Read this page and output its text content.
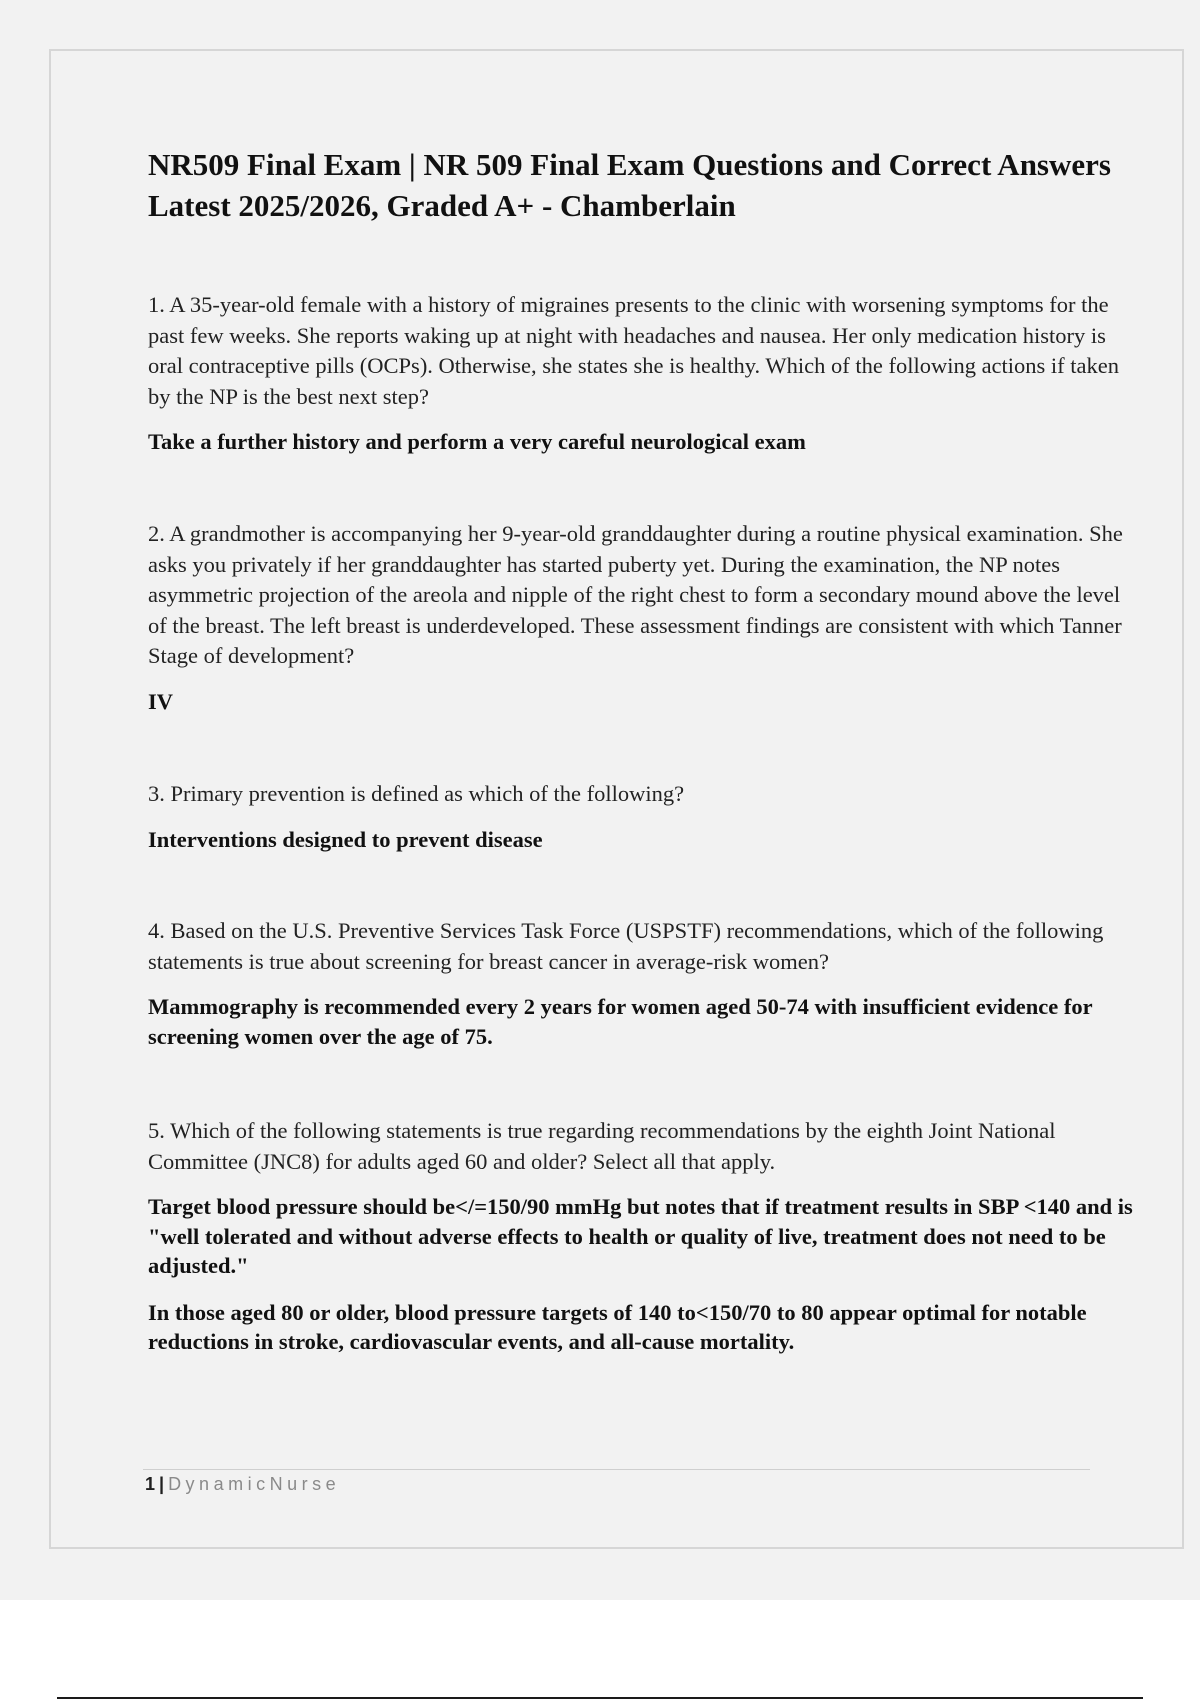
NR509 Final Exam | NR 509 Final Exam Questions and Correct Answers Latest 2025/2026, Graded A+ - Chamberlain

1. A 35-year-old female with a history of migraines presents to the clinic with worsening symptoms for the past few weeks. She reports waking up at night with headaches and nausea. Her only medication history is oral contraceptive pills (OCPs). Otherwise, she states she is healthy. Which of the following actions if taken by the NP is the best next step?

Take a further history and perform a very careful neurological exam

2. A grandmother is accompanying her 9-year-old granddaughter during a routine physical examination. She asks you privately if her granddaughter has started puberty yet. During the examination, the NP notes asymmetric projection of the areola and nipple of the right chest to form a secondary mound above the level of the breast. The left breast is underdeveloped. These assessment findings are consistent with which Tanner Stage of development?

IV

3. Primary prevention is defined as which of the following?

Interventions designed to prevent disease

4. Based on the U.S. Preventive Services Task Force (USPSTF) recommendations, which of the following statements is true about screening for breast cancer in average-risk women?

Mammography is recommended every 2 years for women aged 50-74 with insufficient evidence for screening women over the age of 75.

5. Which of the following statements is true regarding recommendations by the eighth Joint National Committee (JNC8) for adults aged 60 and older? Select all that apply.

Target blood pressure should be</=150/90 mmHg but notes that if treatment results in SBP <140 and is "well tolerated and without adverse effects to health or quality of live, treatment does not need to be adjusted."

In those aged 80 or older, blood pressure targets of 140 to<150/70 to 80 appear optimal for notable reductions in stroke, cardiovascular events, and all-cause mortality.

1 | DynamicNurse
